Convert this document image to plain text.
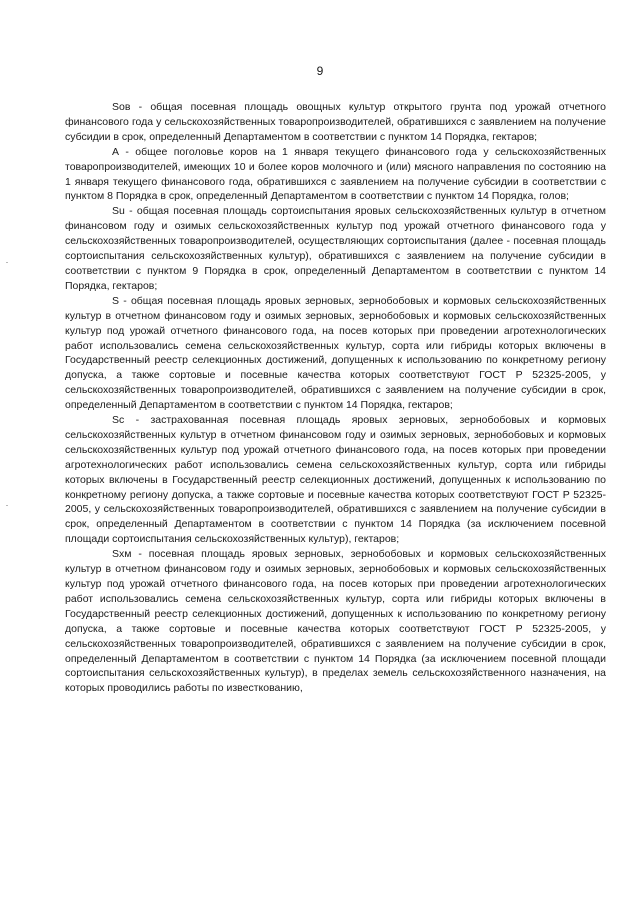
9

Sов - общая посевная площадь овощных культур открытого грунта под урожай отчетного финансового года у сельскохозяйственных товаропроизводителей, обратившихся с заявлением на получение субсидии в срок, определенный Департаментом в соответствии с пунктом 14 Порядка, гектаров;

А - общее поголовье коров на 1 января текущего финансового года у сельскохозяйственных товаропроизводителей, имеющих 10 и более коров молочного и (или) мясного направления по состоянию на 1 января текущего финансового года, обратившихся с заявлением на получение субсидии в соответствии с пунктом 8 Порядка в срок, определенный Департаментом в соответствии с пунктом 14 Порядка, голов;

Su - общая посевная площадь сортоиспытания яровых сельскохозяйственных культур в отчетном финансовом году и озимых сельскохозяйственных культур под урожай отчетного финансового года у сельскохозяйственных товаропроизводителей, осуществляющих сортоиспытания (далее - посевная площадь сортоиспытания сельскохозяйственных культур), обратившихся с заявлением на получение субсидии в соответствии с пунктом 9 Порядка в срок, определенный Департаментом в соответствии с пунктом 14 Порядка, гектаров;

S - общая посевная площадь яровых зерновых, зернобобовых и кормовых сельскохозяйственных культур в отчетном финансовом году и озимых зерновых, зернобобовых и кормовых сельскохозяйственных культур под урожай отчетного финансового года, на посев которых при проведении агротехнологических работ использовались семена сельскохозяйственных культур, сорта или гибриды которых включены в Государственный реестр селекционных достижений, допущенных к использованию по конкретному региону допуска, а также сортовые и посевные качества которых соответствуют ГОСТ Р 52325-2005, у сельскохозяйственных товаропроизводителей, обратившихся с заявлением на получение субсидии в срок, определенный Департаментом в соответствии с пунктом 14 Порядка, гектаров;

Sc - застрахованная посевная площадь яровых зерновых, зернобобовых и кормовых сельскохозяйственных культур в отчетном финансовом году и озимых зерновых, зернобобовых и кормовых сельскохозяйственных культур под урожай отчетного финансового года, на посев которых при проведении агротехнологических работ использовались семена сельскохозяйственных культур, сорта или гибриды которых включены в Государственный реестр селекционных достижений, допущенных к использованию по конкретному региону допуска, а также сортовые и посевные качества которых соответствуют ГОСТ Р 52325-2005, у сельскохозяйственных товаропроизводителей, обратившихся с заявлением на получение субсидии в срок, определенный Департаментом в соответствии с пунктом 14 Порядка (за исключением посевной площади сортоиспытания сельскохозяйственных культур), гектаров;

Sхм - посевная площадь яровых зерновых, зернобобовых и кормовых сельскохозяйственных культур в отчетном финансовом году и озимых зерновых, зернобобовых и кормовых сельскохозяйственных культур под урожай отчетного финансового года, на посев которых при проведении агротехнологических работ использовались семена сельскохозяйственных культур, сорта или гибриды которых включены в Государственный реестр селекционных достижений, допущенных к использованию по конкретному региону допуска, а также сортовые и посевные качества которых соответствуют ГОСТ Р 52325-2005, у сельскохозяйственных товаропроизводителей, обратившихся с заявлением на получение субсидии в срок, определенный Департаментом в соответствии с пунктом 14 Порядка (за исключением посевной площади сортоиспытания сельскохозяйственных культур), в пределах земель сельскохозяйственного назначения, на которых проводились работы по известкованию,
